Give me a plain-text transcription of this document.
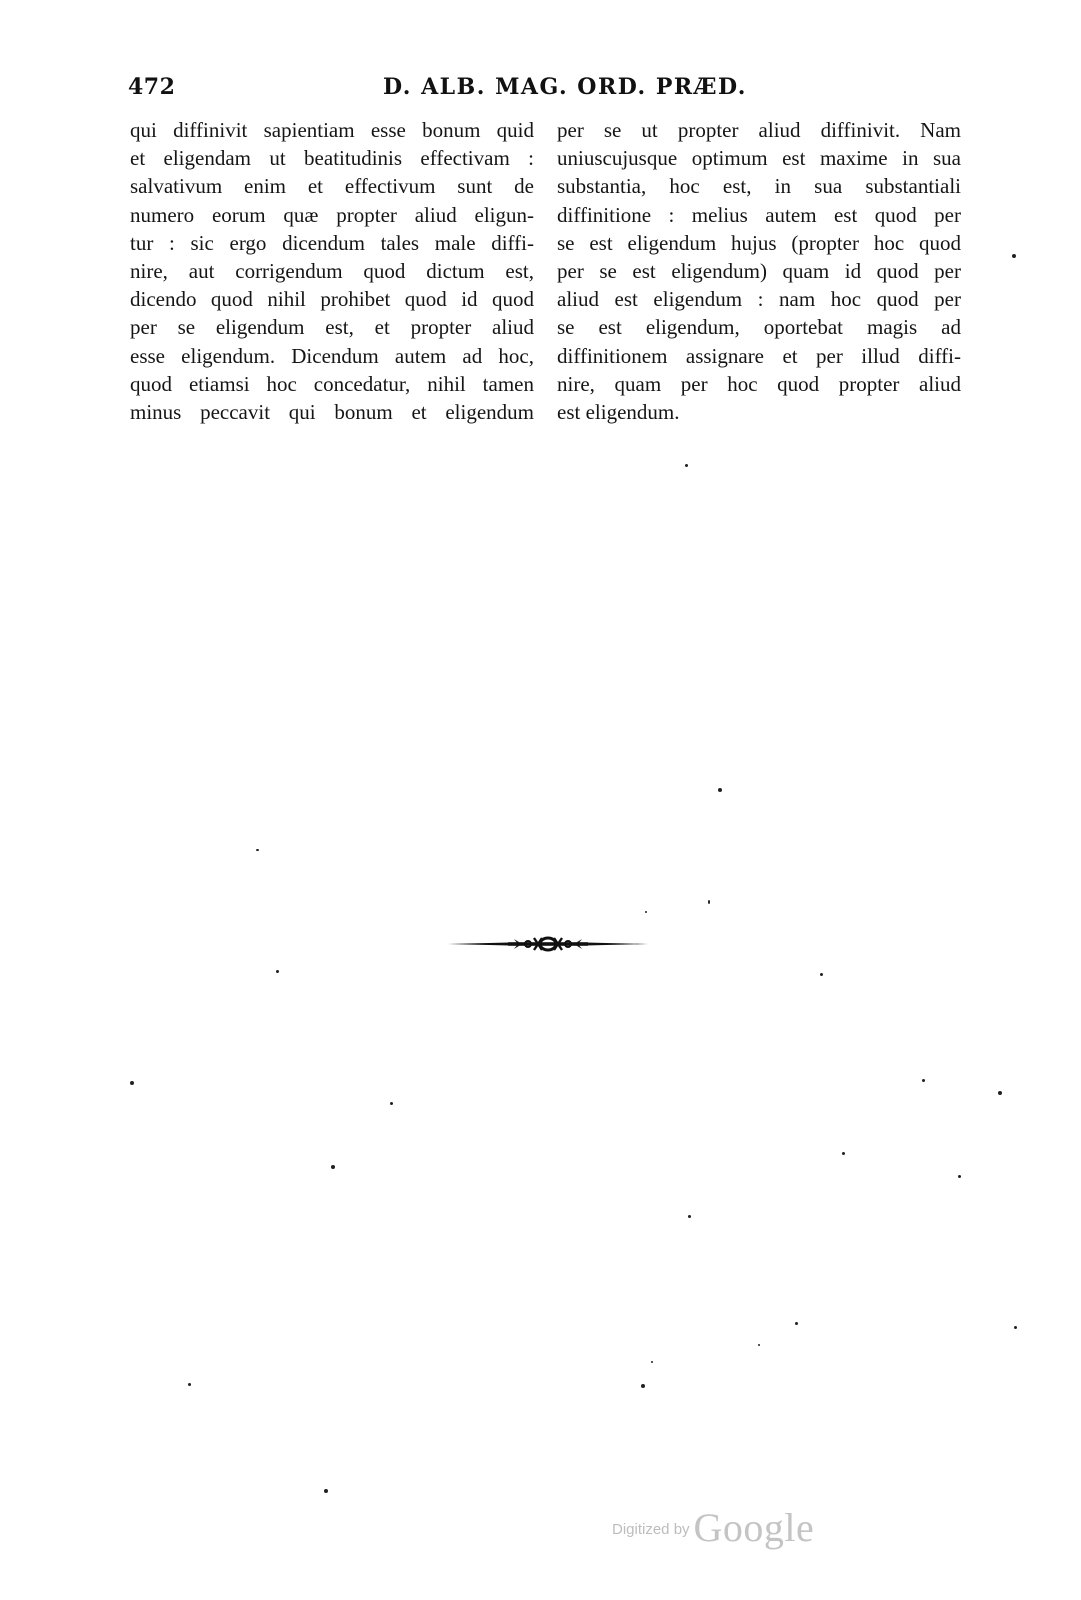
472	D. ALB. MAG. ORD. PRÆD.
qui diffinivit sapientiam esse bonum quid
et eligendam ut beatitudinis effectivam :
salvativum enim et effectivum sunt de
numero eorum quæ propter aliud eligun-
tur : sic ergo dicendum tales male diffi-
nire, aut corrigendum quod dictum est,
dicendo quod nihil prohibet quod id quod
per se eligendum est, et propter aliud
esse eligendum. Dicendum autem ad hoc,
quod etiamsi hoc concedatur, nihil tamen
minus peccavit qui bonum et eligendum
per se ut propter aliud diffinivit. Nam
uniuscujusque optimum est maxime in sua
substantia, hoc est, in sua substantiali
diffinitione : melius autem est quod per
se est eligendum hujus (propter hoc quod
per se est eligendum) quam id quod per
aliud est eligendum : nam hoc quod per
se est eligendum, oportebat magis ad
diffinitionem assignare et per illud diffi-
nire, quam per hoc quod propter aliud
est eligendum.
Digitized by Google
